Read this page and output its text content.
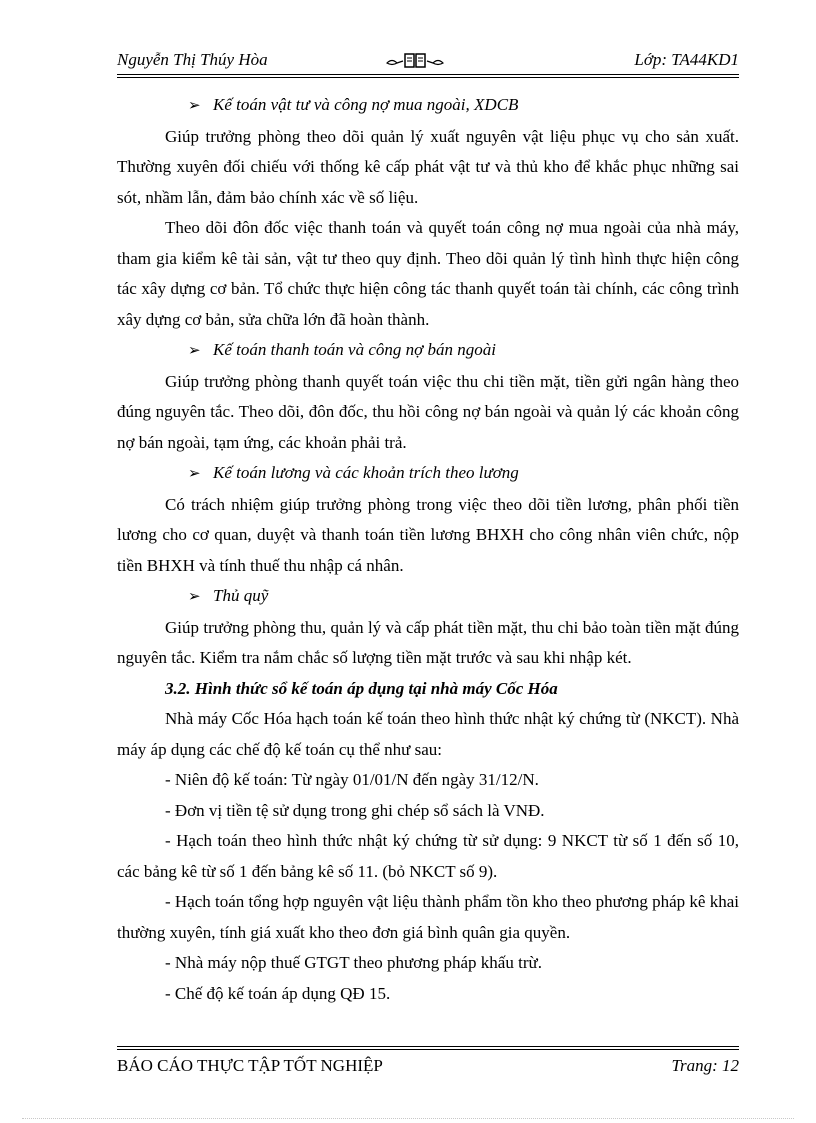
Nguyễn Thị Thúy Hòa	Lớp: TA44KD1

➢ Kế toán vật tư và công nợ mua ngoài, XDCB

Giúp trưởng phòng theo dõi quản lý xuất nguyên vật liệu phục vụ cho sản xuất. Thường xuyên đối chiếu với thống kê cấp phát vật tư và thủ kho để khắc phục những sai sót, nhầm lẫn, đảm bảo chính xác về số liệu.

Theo dõi đôn đốc việc thanh toán và quyết toán công nợ mua ngoài của nhà máy, tham gia kiểm kê tài sản, vật tư theo quy định. Theo dõi quản lý tình hình thực hiện công tác xây dựng cơ bản. Tổ chức thực hiện công tác thanh quyết toán tài chính, các công trình xây dựng cơ bản, sửa chữa lớn đã hoàn thành.

➢ Kế toán thanh toán và công nợ bán ngoài

Giúp trưởng phòng thanh quyết toán việc thu chi tiền mặt, tiền gửi ngân hàng theo đúng nguyên tắc. Theo dõi, đôn đốc, thu hồi công nợ bán ngoài và quản lý các khoản công nợ bán ngoài, tạm ứng, các khoản phải trả.

➢ Kế toán lương và các khoản trích theo lương

Có trách nhiệm giúp trưởng phòng trong việc theo dõi tiền lương, phân phối tiền lương cho cơ quan, duyệt và thanh toán tiền lương BHXH cho công nhân viên chức, nộp tiền BHXH và tính thuế thu nhập cá nhân.

➢ Thủ quỹ

Giúp trưởng phòng thu, quản lý và cấp phát tiền mặt, thu chi bảo toàn tiền mặt đúng nguyên tắc. Kiểm tra nắm chắc số lượng tiền mặt trước và sau khi nhập két.

3.2. Hình thức sổ kế toán áp dụng tại nhà máy Cốc Hóa

Nhà máy Cốc Hóa hạch toán kế toán theo hình thức nhật ký chứng từ (NKCT). Nhà máy áp dụng các chế độ kế toán cụ thể như sau:

- Niên độ kế toán: Từ ngày 01/01/N đến ngày 31/12/N.

- Đơn vị tiền tệ sử dụng trong ghi chép sổ sách là VNĐ.

- Hạch toán theo hình thức nhật ký chứng từ sử dụng: 9 NKCT từ số 1 đến số 10, các bảng kê từ số 1 đến bảng kê số 11. (bỏ NKCT số 9).

- Hạch toán tổng hợp nguyên vật liệu thành phẩm tồn kho theo phương pháp kê khai thường xuyên, tính giá xuất kho theo đơn giá bình quân gia quyền.

- Nhà máy nộp thuế GTGT theo phương pháp khấu trừ.

- Chế độ kế toán áp dụng QĐ 15.

BÁO CÁO THỰC TẬP TỐT NGHIỆP	Trang: 12
